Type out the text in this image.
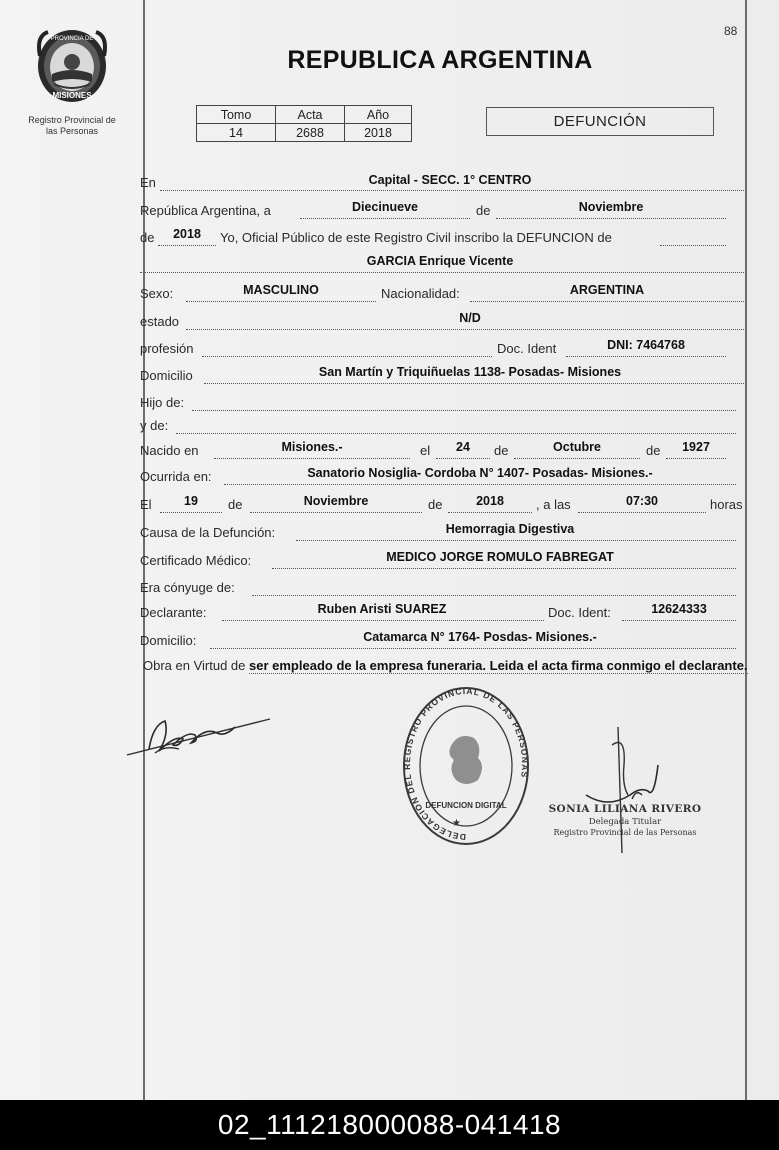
88
PROVINCIA DE
MISIONES
Registro Provincial de
las Personas
REPUBLICA ARGENTINA
Tomo	Acta	Año
14	2688	2018
DEFUNCIÓN
En	Capital - SECC. 1° CENTRO
República Argentina, a	Diecinueve	de	Noviembre
de	2018	Yo, Oficial Público de este Registro Civil inscribo la DEFUNCION de
GARCIA Enrique Vicente
Sexo:	MASCULINO	Nacionalidad:	ARGENTINA
estado	N/D
profesión	Doc. Ident	DNI: 7464768
Domicilio	San Martín y Triquiñuelas 1138- Posadas- Misiones
Hijo de:
y de:
Nacido en	Misiones.-	el	24	de	Octubre	de	1927
Ocurrida en:	Sanatorio Nosiglia- Cordoba N° 1407- Posadas- Misiones.-
El	19	de	Noviembre	de	2018	, a las	07:30	horas
Causa de la Defunción:	Hemorragia Digestiva
Certificado Médico:	MEDICO JORGE ROMULO FABREGAT
Era cónyuge de:
Declarante:	Ruben Aristi SUAREZ	Doc. Ident:	12624333
Domicilio:	Catamarca N° 1764- Posdas- Misiones.-
Obra en Virtud de ser empleado de la empresa funeraria. Leida el acta firma conmigo el declarante.
DELEGACION DEL REGISTRO PROVINCIAL DE LAS PERSONAS
DEFUNCION DIGITAL
★
SONIA LILIANA RIVERO
Delegada Titular
Registro Provincial de las Personas
02_111218000088-041418
